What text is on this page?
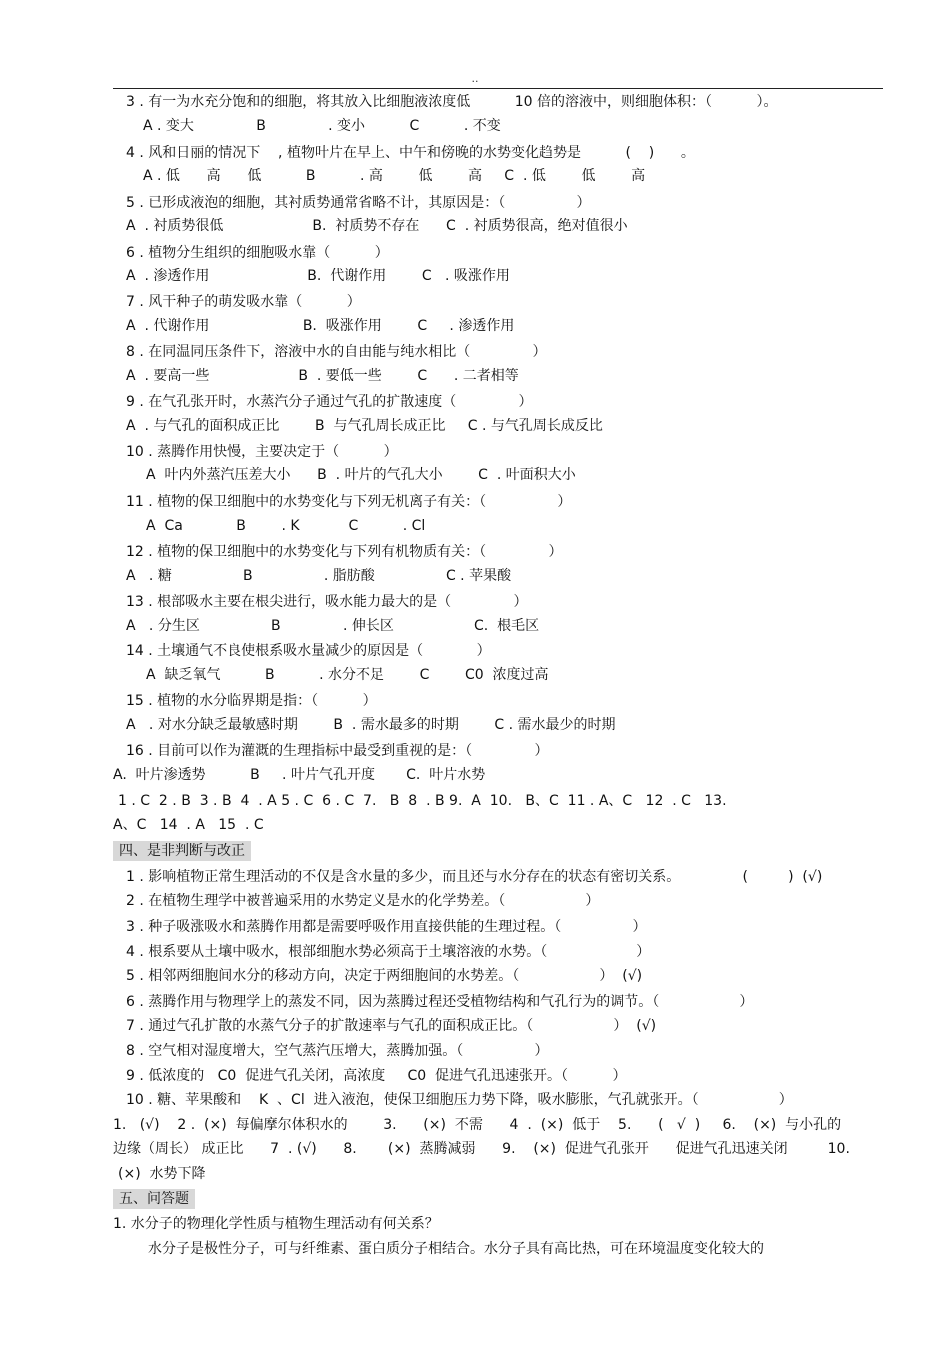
..
3 . 有一为水充分饱和的细胞，将其放入比细胞液浓度低          10 倍的溶液中，则细胞体积：（          ）。
A . 变大              B              . 变小          C          . 不变
4 . 风和日丽的情况下    , 植物叶片在早上、中午和傍晚的水势变化趋势是          (    )      。
A . 低      高      低          B          . 高        低        高     C  . 低        低        高
5 . 已形成液泡的细胞，其衬质势通常省略不计，其原因是：（                ）
A  . 衬质势很低                    B.  衬质势不存在      C  . 衬质势很高，绝对值很小
6 . 植物分生组织的细胞吸水靠（          ）
A  . 渗透作用                      B.  代谢作用        C   . 吸涨作用
7 . 风干种子的萌发吸水靠（          ）
A  . 代谢作用                     B.  吸涨作用        C     . 渗透作用
8 . 在同温同压条件下，溶液中水的自由能与纯水相比（              ）
A  . 要高一些                    B  . 要低一些        C      . 二者相等
9 . 在气孔张开时，水蒸汽分子通过气孔的扩散速度（              ）
A  . 与气孔的面积成正比        B  与气孔周长成正比     C . 与气孔周长成反比
10 . 蒸腾作用快慢，主要决定于（          ）
A  叶内外蒸汽压差大小      B  . 叶片的气孔大小        C  . 叶面积大小
11 . 植物的保卫细胞中的水势变化与下列无机离子有关：（                ）
A  Ca            B        . K           C          . Cl
12 . 植物的保卫细胞中的水势变化与下列有机物质有关：（              ）
A   . 糖                B                . 脂肪酸                C . 苹果酸
13 . 根部吸水主要在根尖进行，吸水能力最大的是（              ）
A   . 分生区                B              . 伸长区                  C.  根毛区
14 . 土壤通气不良使根系吸水量减少的原因是（            ）
A  缺乏氧气          B          . 水分不足        C        C0  浓度过高
15 . 植物的水分临界期是指：（          ）
A   . 对水分缺乏最敏感时期        B  . 需水最多的时期        C . 需水最少的时期
16 . 目前可以作为灌溉的生理指标中最受到重视的是：（              ）
A.  叶片渗透势          B     . 叶片气孔开度       C.  叶片水势
1 . C  2 . B  3 . B  4  . A 5 . C  6 . C  7.   B  8  . B 9.  A  10.   B、C  11 . A、C   12  . C   13.
A、C   14  . A   15  . C
四、是非判断与改正
1 . 影响植物正常生理活动的不仅是含水量的多少，而且还与水分存在的状态有密切关系。              (         )  (√)
2 . 在植物生理学中被普遍采用的水势定义是水的化学势差。（                  ）
3 . 种子吸涨吸水和蒸腾作用都是需要呼吸作用直接供能的生理过程。（                ）
4 . 根系要从土壤中吸水，根部细胞水势必须高于土壤溶液的水势。（                    ）
5 . 相邻两细胞间水分的移动方向，决定于两细胞间的水势差。（                  ）  (√)
6 . 蒸腾作用与物理学上的蒸发不同，因为蒸腾过程还受植物结构和气孔行为的调节。（                  ）
7 . 通过气孔扩散的水蒸气分子的扩散速率与气孔的面积成正比。（                  ）  (√)
8 . 空气相对湿度增大，空气蒸汽压增大，蒸腾加强。（                ）
9 . 低浓度的   C0  促进气孔关闭，高浓度     C0  促进气孔迅速张开。（          ）
10 . 糖、苹果酸和    K  、Cl  进入液泡，使保卫细胞压力势下降，吸水膨胀，气孔就张开。（                  ）
1.   (√)    2 .  (×)  每偏摩尔体积水的        3.      (×)  不需      4  .  (×)  低于    5.      (   √  )     6.    (×)  与小孔的
边缘（周长） 成正比      7  . (√)      8.       (×)  蒸腾减弱      9.    (×)  促进气孔张开      促进气孔迅速关闭         10.
(×)  水势下降
五、问答题
1. 水分子的物理化学性质与植物生理活动有何关系？
水分子是极性分子，可与纤维素、蛋白质分子相结合。水分子具有高比热，可在环境温度变化较大的
